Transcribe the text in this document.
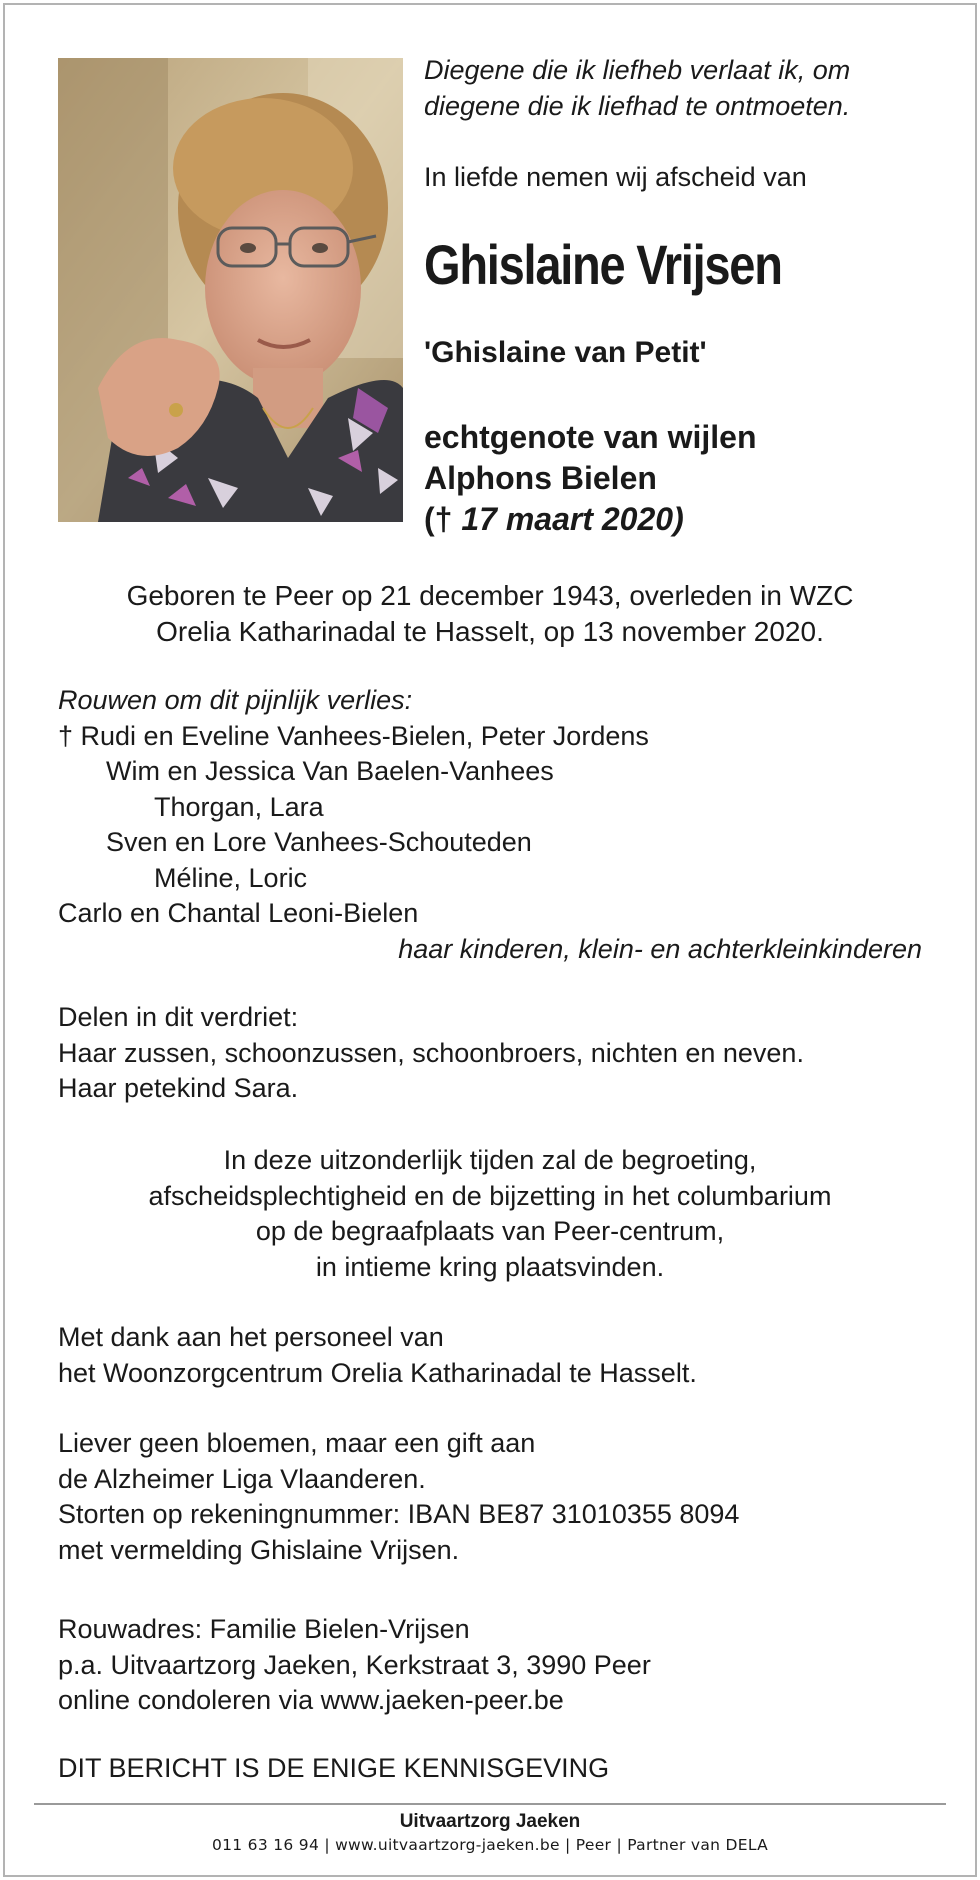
Diegene die ik liefheb verlaat ik, om
diegene die ik liefhad te ontmoeten.
In liefde nemen wij afscheid van
Ghislaine Vrijsen
'Ghislaine van Petit'
echtgenote van wijlen
Alphons Bielen
(† 17 maart 2020)
Geboren te Peer op 21 december 1943, overleden in WZC
Orelia Katharinadal te Hasselt, op 13 november 2020.
Rouwen om dit pijnlijk verlies:
† Rudi en Eveline Vanhees-Bielen, Peter Jordens
Wim en Jessica Van Baelen-Vanhees
Thorgan, Lara
Sven en Lore Vanhees-Schouteden
Méline, Loric
Carlo en Chantal Leoni-Bielen
haar kinderen, klein- en achterkleinkinderen
Delen in dit verdriet:
Haar zussen, schoonzussen, schoonbroers, nichten en neven.
Haar petekind Sara.
In deze uitzonderlijk tijden zal de begroeting,
afscheidsplechtigheid en de bijzetting in het columbarium
op de begraafplaats van Peer-centrum,
in intieme kring plaatsvinden.
Met dank aan het personeel van
het Woonzorgcentrum Orelia Katharinadal te Hasselt.
Liever geen bloemen, maar een gift aan
de Alzheimer Liga Vlaanderen.
Storten op rekeningnummer: IBAN BE87 31010355 8094
met vermelding Ghislaine Vrijsen.
Rouwadres: Familie Bielen-Vrijsen
p.a. Uitvaartzorg Jaeken, Kerkstraat 3, 3990 Peer
online condoleren via www.jaeken-peer.be
DIT BERICHT IS DE ENIGE KENNISGEVING
Uitvaartzorg Jaeken
011 63 16 94 | www.uitvaartzorg-jaeken.be | Peer | Partner van DELA
